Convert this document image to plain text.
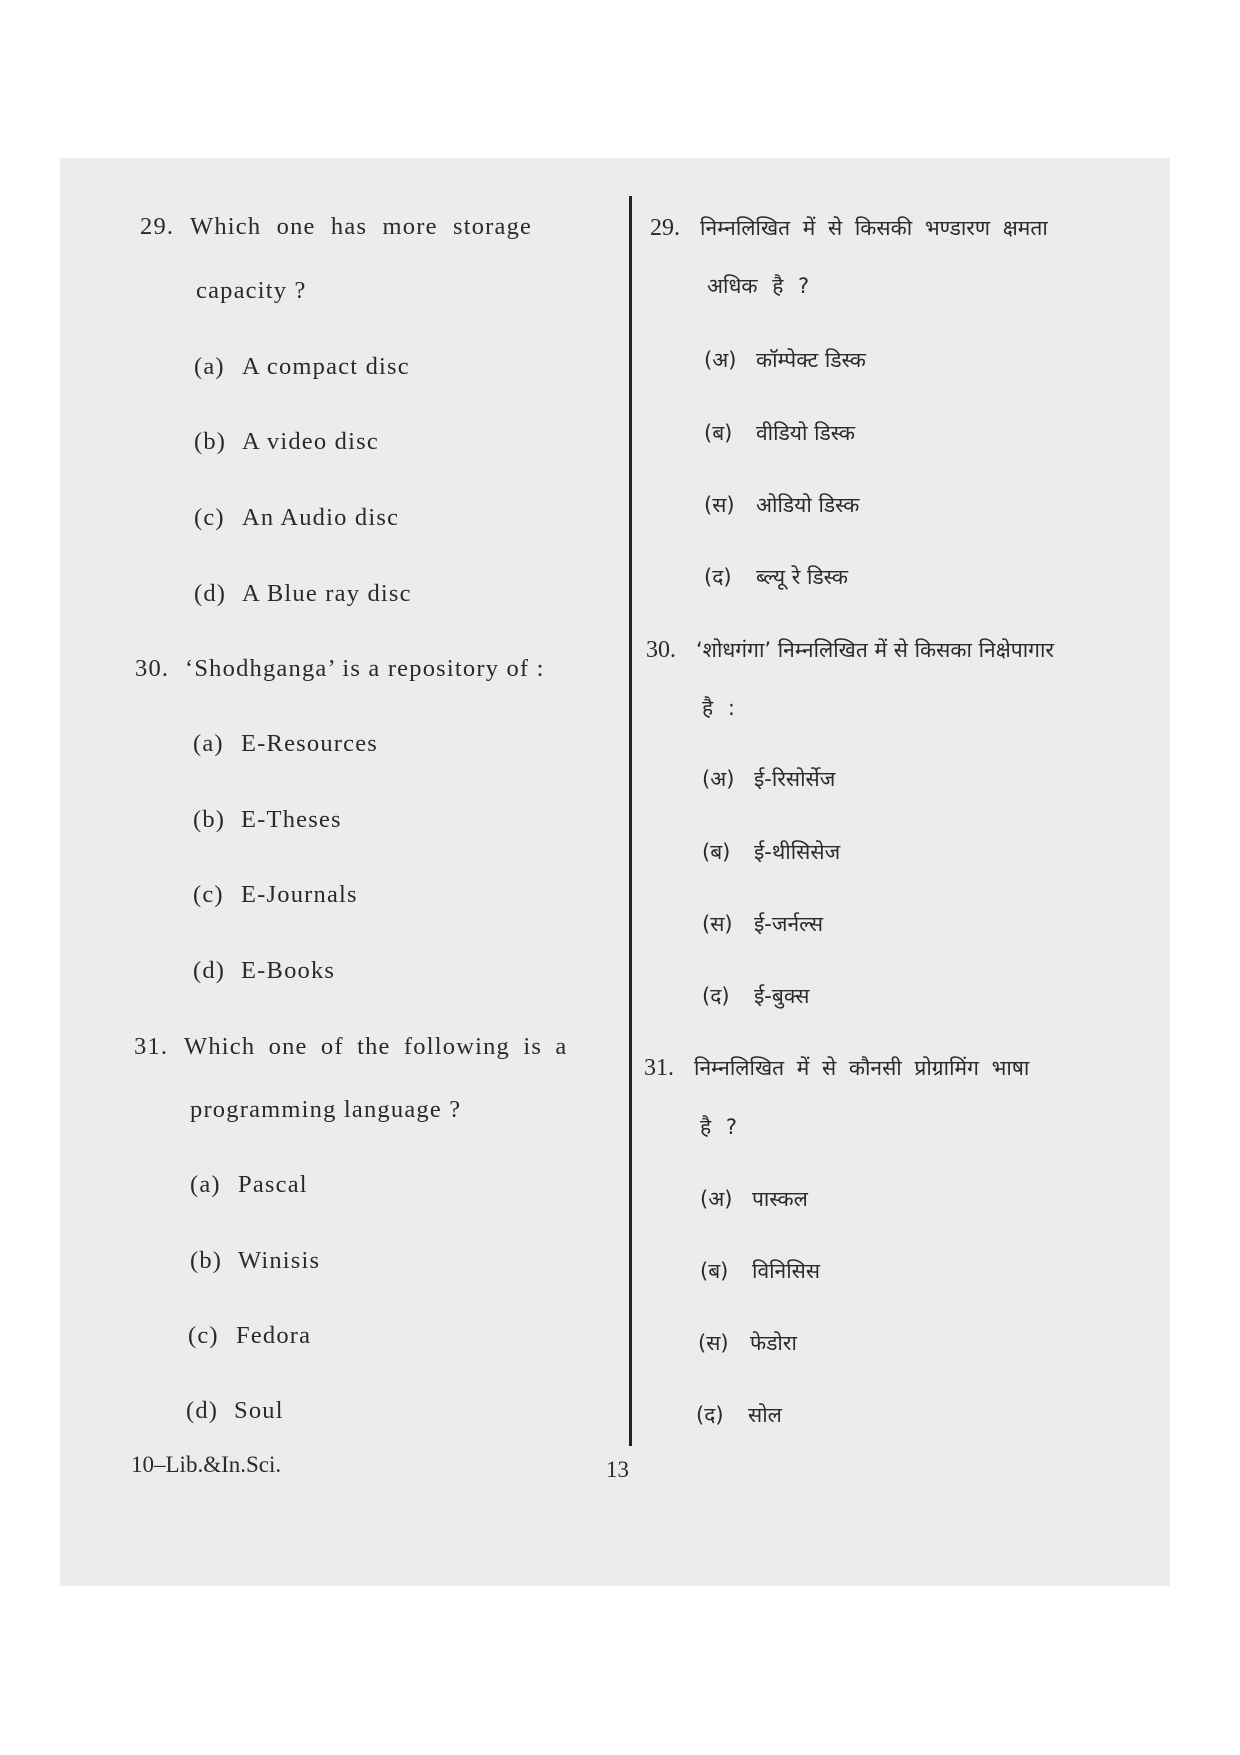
29. Which one has more storage
capacity ?
(a) A compact disc
(b) A video disc
(c) An Audio disc
(d) A Blue ray disc
30. ‘Shodhganga’ is a repository of :
(a) E-Resources
(b) E-Theses
(c) E-Journals
(d) E-Books
31. Which one of the following is a
programming language ?
(a) Pascal
(b) Winisis
(c) Fedora
(d) Soul
29. निम्नलिखित में से किसकी भण्डारण क्षमता
अधिक है ?
(अ) कॉम्पेक्ट डिस्क
(ब) वीडियो डिस्क
(स) ओडियो डिस्क
(द) ब्ल्यू रे डिस्क
30. ‘शोधगंगा’ निम्नलिखित में से किसका निक्षेपागार
है :
(अ) ई-रिसोर्सेज
(ब) ई-थीसिसेज
(स) ई-जर्नल्स
(द) ई-बुक्स
31. निम्नलिखित में से कौनसी प्रोग्रामिंग भाषा
है ?
(अ) पास्कल
(ब) विनिसिस
(स) फेडोरा
(द) सोल
10–Lib.&In.Sci.	13
